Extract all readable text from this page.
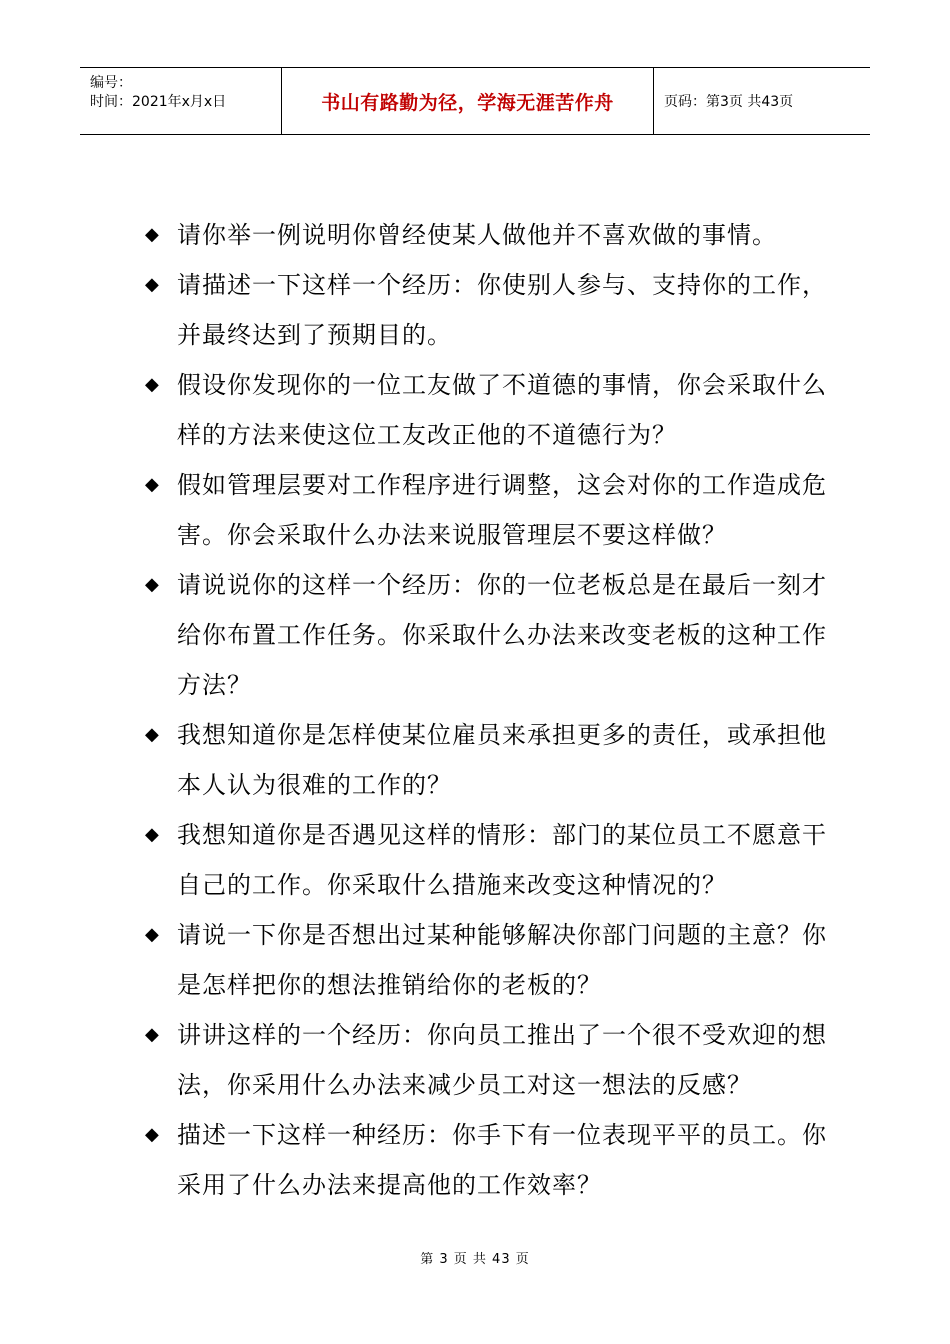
编号：
时间：2021年x月x日	书山有路勤为径，学海无涯苦作舟	页码：第3页 共43页
◆ 请你举一例说明你曾经使某人做他并不喜欢做的事情。
◆ 请描述一下这样一个经历：你使别人参与、支持你的工作，并最终达到了预期目的。
◆ 假设你发现你的一位工友做了不道德的事情，你会采取什么样的方法来使这位工友改正他的不道德行为？
◆ 假如管理层要对工作程序进行调整，这会对你的工作造成危害。你会采取什么办法来说服管理层不要这样做？
◆ 请说说你的这样一个经历：你的一位老板总是在最后一刻才给你布置工作任务。你采取什么办法来改变老板的这种工作方法？
◆ 我想知道你是怎样使某位雇员来承担更多的责任，或承担他本人认为很难的工作的？
◆ 我想知道你是否遇见这样的情形：部门的某位员工不愿意干自己的工作。你采取什么措施来改变这种情况的？
◆ 请说一下你是否想出过某种能够解决你部门问题的主意？你是怎样把你的想法推销给你的老板的？
◆ 讲讲这样的一个经历：你向员工推出了一个很不受欢迎的想法，你采用什么办法来减少员工对这一想法的反感？
◆ 描述一下这样一种经历：你手下有一位表现平平的员工。你采用了什么办法来提高他的工作效率？
第 3 页 共 43 页
